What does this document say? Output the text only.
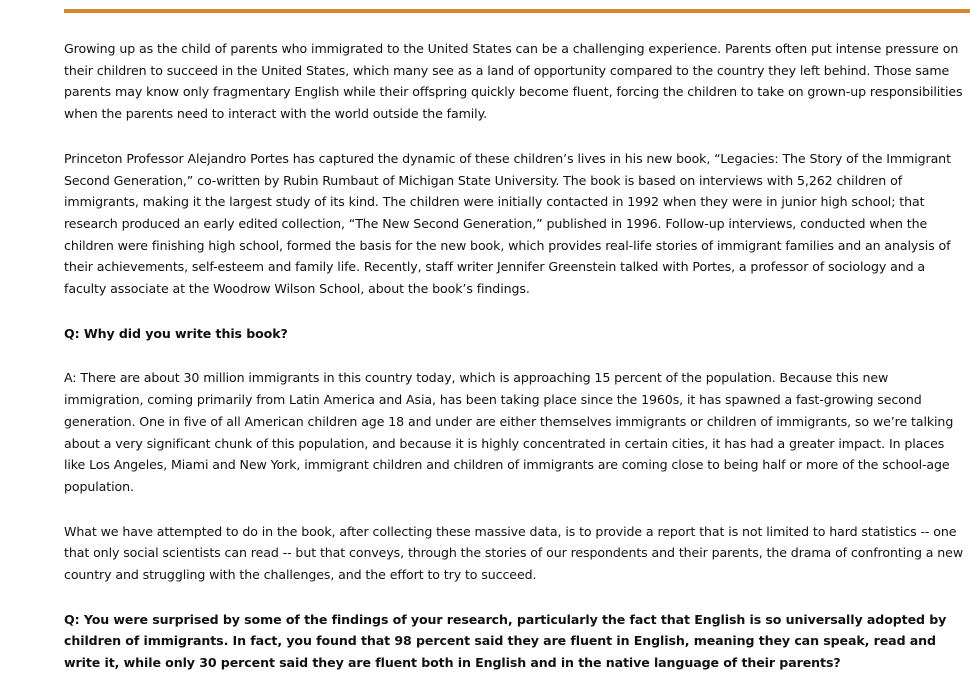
Growing up as the child of parents who immigrated to the United States can be a challenging experience. Parents often put intense pressure on their children to succeed in the United States, which many see as a land of opportunity compared to the country they left behind. Those same parents may know only fragmentary English while their offspring quickly become fluent, forcing the children to take on grown-up responsibilities when the parents need to interact with the world outside the family.

Princeton Professor Alejandro Portes has captured the dynamic of these children’s lives in his new book, “Legacies: The Story of the Immigrant Second Generation,” co-written by Rubin Rumbaut of Michigan State University. The book is based on interviews with 5,262 children of immigrants, making it the largest study of its kind. The children were initially contacted in 1992 when they were in junior high school; that research produced an early edited collection, “The New Second Generation,” published in 1996. Follow-up interviews, conducted when the children were finishing high school, formed the basis for the new book, which provides real-life stories of immigrant families and an analysis of their achievements, self-esteem and family life. Recently, staff writer Jennifer Greenstein talked with Portes, a professor of sociology and a faculty associate at the Woodrow Wilson School, about the book’s findings.

Q: Why did you write this book?

A: There are about 30 million immigrants in this country today, which is approaching 15 percent of the population. Because this new immigration, coming primarily from Latin America and Asia, has been taking place since the 1960s, it has spawned a fast-growing second generation. One in five of all American children age 18 and under are either themselves immigrants or children of immigrants, so we’re talking about a very significant chunk of this population, and because it is highly concentrated in certain cities, it has had a greater impact. In places like Los Angeles, Miami and New York, immigrant children and children of immigrants are coming close to being half or more of the school-age population.

What we have attempted to do in the book, after collecting these massive data, is to provide a report that is not limited to hard statistics -- one that only social scientists can read -- but that conveys, through the stories of our respondents and their parents, the drama of confronting a new country and struggling with the challenges, and the effort to try to succeed.

Q: You were surprised by some of the findings of your research, particularly the fact that English is so universally adopted by children of immigrants. In fact, you found that 98 percent said they are fluent in English, meaning they can speak, read and write it, while only 30 percent said they are fluent both in English and in the native language of their parents?
